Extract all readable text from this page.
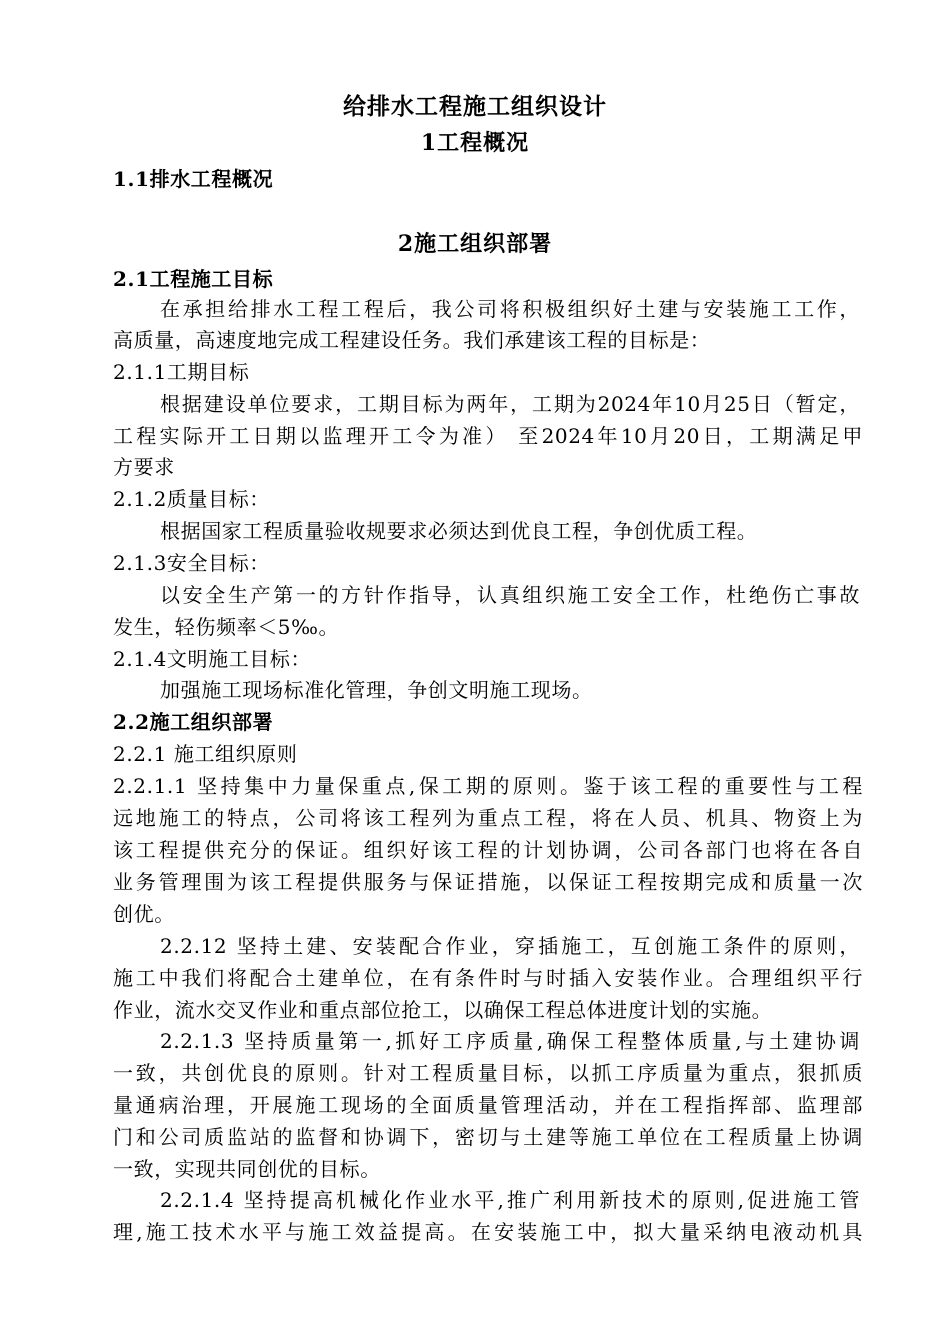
给排水工程施工组织设计
1工程概况
1.1排水工程概况
2施工组织部署
2.1工程施工目标
在承担给排水工程工程后，我公司将积极组织好土建与安装施工工作，
高质量，高速度地完成工程建设任务。我们承建该工程的目标是：
2.1.1工期目标
根据建设单位要求，工期目标为两年，工期为2024年10月25日（暂定，
工程实际开工日期以监理开工令为准） 至2024年10月20日，工期满足甲
方要求
2.1.2质量目标：
根据国家工程质量验收规要求必须达到优良工程，争创优质工程。
2.1.3安全目标：
以安全生产第一的方针作指导，认真组织施工安全工作，杜绝伤亡事故
发生，轻伤频率＜5‰。
2.1.4文明施工目标：
加强施工现场标准化管理，争创文明施工现场。
2.2施工组织部署
2.2.1 施工组织原则
2.2.1.1 坚持集中力量保重点,保工期的原则。鉴于该工程的重要性与工程
远地施工的特点，公司将该工程列为重点工程，将在人员、机具、物资上为
该工程提供充分的保证。组织好该工程的计划协调，公司各部门也将在各自
业务管理围为该工程提供服务与保证措施，以保证工程按期完成和质量一次
创优。
2.2.12 坚持土建、安装配合作业，穿插施工，互创施工条件的原则，
施工中我们将配合土建单位，在有条件时与时插入安装作业。合理组织平行
作业，流水交叉作业和重点部位抢工，以确保工程总体进度计划的实施。
2.2.1.3 坚持质量第一,抓好工序质量,确保工程整体质量,与土建协调
一致，共创优良的原则。针对工程质量目标，以抓工序质量为重点，狠抓质
量通病治理，开展施工现场的全面质量管理活动，并在工程指挥部、监理部
门和公司质监站的监督和协调下，密切与土建等施工单位在工程质量上协调
一致，实现共同创优的目标。
2.2.1.4 坚持提高机械化作业水平,推广利用新技术的原则,促进施工管
理,施工技术水平与施工效益提高。在安装施工中，拟大量采纳电液动机具
